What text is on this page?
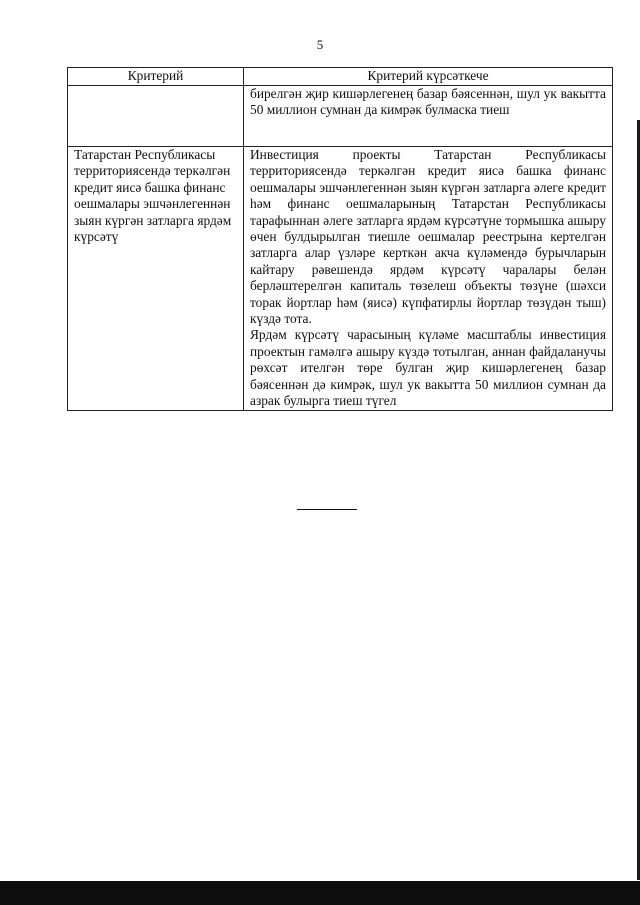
5
Критерий	Критерий күрсәткече
	бирелгән җир кишәрлегенең базар бәясеннән, шул ук вакытта 50 миллион сумнан да кимрәк булмаска тиеш
Татарстан Республикасы территориясендә теркәлгән кредит яисә башка финанс оешмалары эшчәнлегеннән зыян күргән затларга ярдәм күрсәтү	Инвестиция проекты Татарстан Республикасы территориясендә теркәлгән кредит яисә башка финанс оешмалары эшчәнлегеннән зыян күргән затларга әлеге кредит һәм финанс оешмаларының Татарстан Республикасы тарафыннан әлеге затларга ярдәм күрсәтүне тормышка ашыру өчен булдырылган тиешле оешмалар реестрына кертелгән затларга алар үзләре керткән акча күләмендә бурычларын кайтару рәвешендә ярдәм күрсәтү чаралары белән берләштерелгән капиталь төзелеш объекты төзүне (шәхси торак йортлар һәм (яисә) күпфатирлы йортлар төзүдән тыш) күздә тота.
Ярдәм күрсәтү чарасының күләме масштаблы инвестиция проектын гамәлгә ашыру күздә тотылган, аннан файдаланучы рөхсәт ителгән төре булган җир кишәрлегенең базар бәясеннән дә кимрәк, шул ук вакытта 50 миллион сумнан да азрак булырга тиеш түгел
